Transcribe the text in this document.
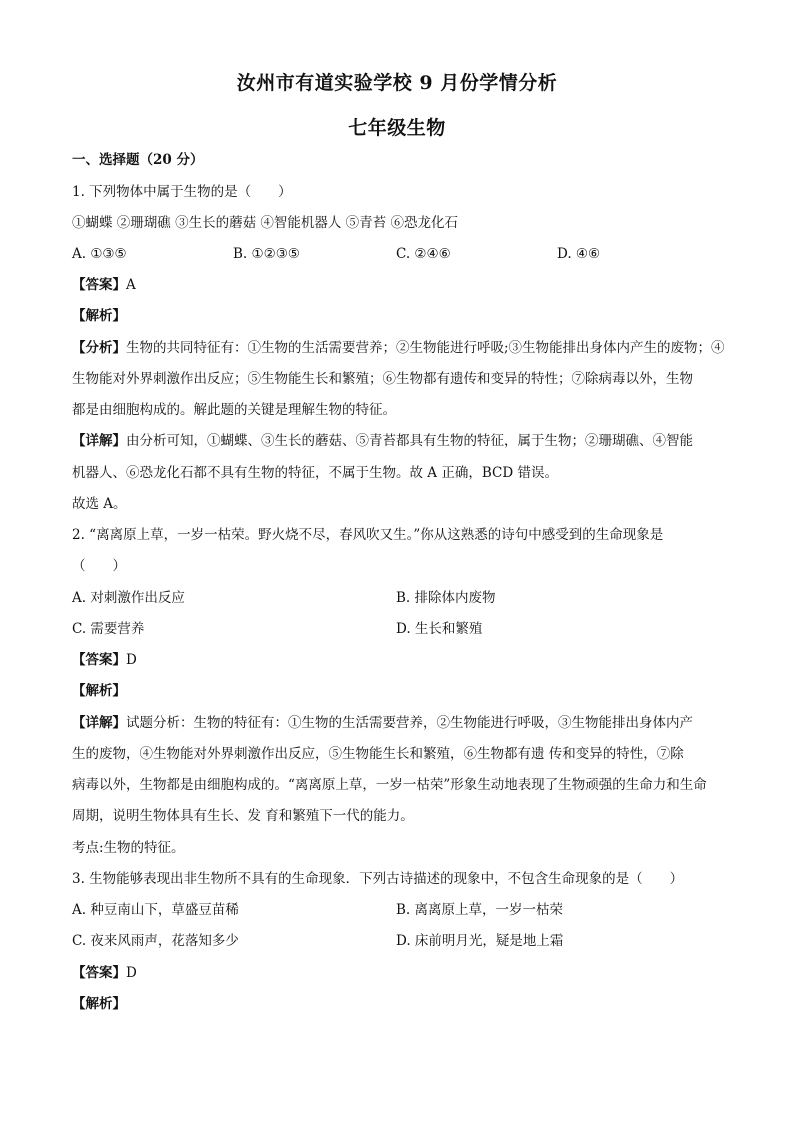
汝州市有道实验学校 9 月份学情分析
七年级生物
一、选择题（20 分）
1. 下列物体中属于生物的是（　　）
①蝴蝶 ②珊瑚礁 ③生长的蘑菇 ④智能机器人 ⑤青苔 ⑥恐龙化石
A. ①③⑤	B. ①②③⑤	C. ②④⑥	D. ④⑥
【答案】A
【解析】
【分析】生物的共同特征有：①生物的生活需要营养；②生物能进行呼吸;③生物能排出身体内产生的废物；④
生物能对外界刺激作出反应；⑤生物能生长和繁殖；⑥生物都有遗传和变异的特性；⑦除病毒以外，生物
都是由细胞构成的。解此题的关键是理解生物的特征。
【详解】由分析可知，①蝴蝶、③生长的蘑菇、⑤青苔都具有生物的特征，属于生物；②珊瑚礁、④智能
机器人、⑥恐龙化石都不具有生物的特征，不属于生物。故 A 正确，BCD 错误。
故选 A。
2. “离离原上草，一岁一枯荣。野火烧不尽，春风吹又生。”你从这熟悉的诗句中感受到的生命现象是
（　　）
A. 对刺激作出反应	B. 排除体内废物
C. 需要营养	D. 生长和繁殖
【答案】D
【解析】
【详解】试题分析：生物的特征有：①生物的生活需要营养，②生物能进行呼吸，③生物能排出身体内产
生的废物，④生物能对外界刺激作出反应，⑤生物能生长和繁殖，⑥生物都有遗 传和变异的特性，⑦除
病毒以外，生物都是由细胞构成的。“离离原上草，一岁一枯荣”形象生动地表现了生物顽强的生命力和生命
周期，说明生物体具有生长、发 育和繁殖下一代的能力。
考点:生物的特征。
3. 生物能够表现出非生物所不具有的生命现象．下列古诗描述的现象中，不包含生命现象的是（　　）
A. 种豆南山下，草盛豆苗稀	B. 离离原上草，一岁一枯荣
C. 夜来风雨声，花落知多少	D. 床前明月光，疑是地上霜
【答案】D
【解析】
